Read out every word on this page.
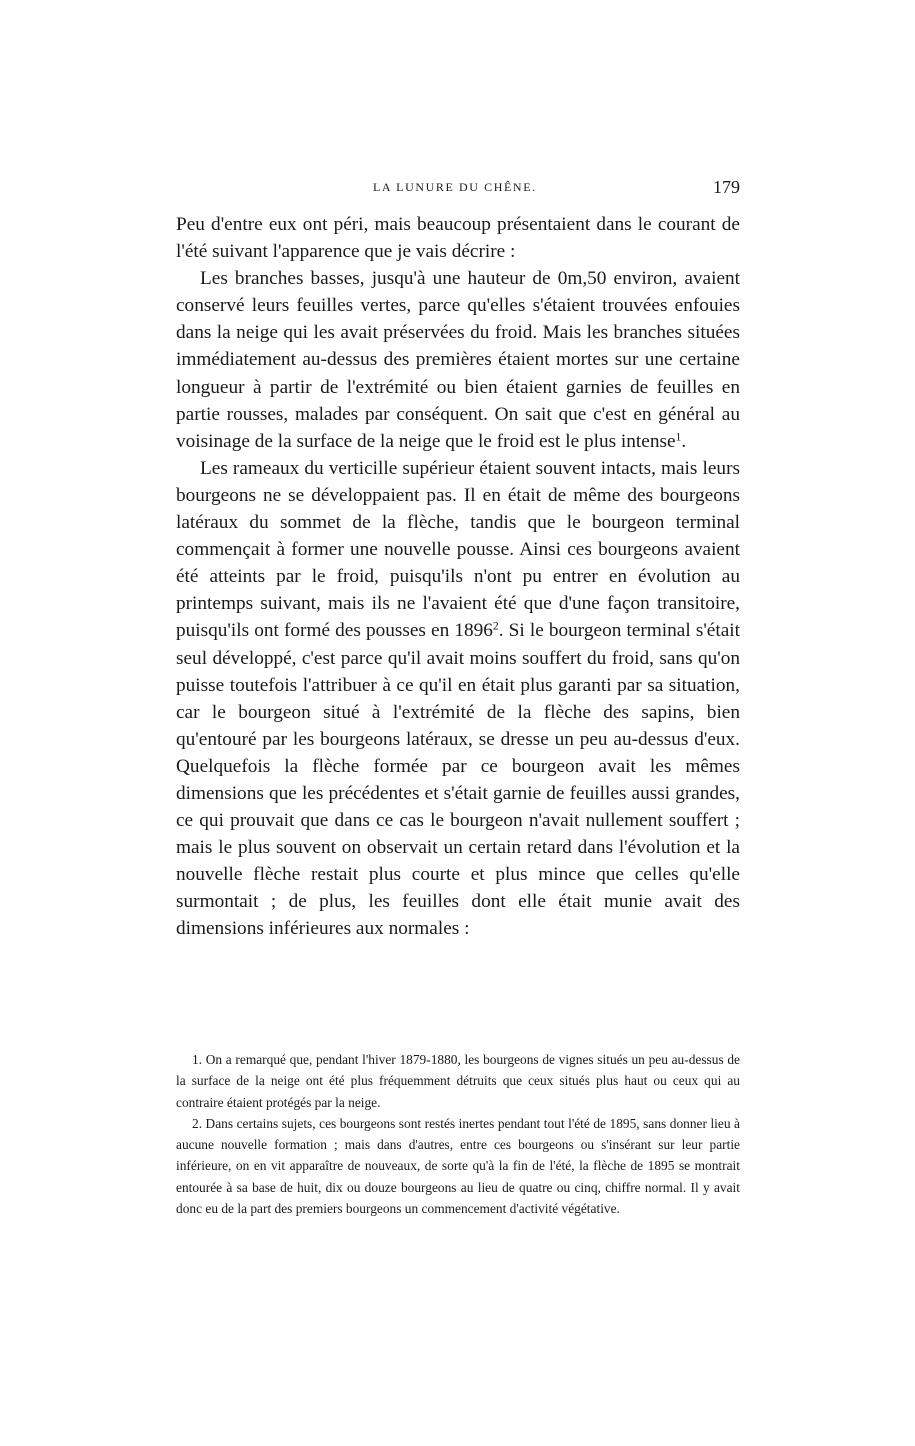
LA LUNURE DU CHÊNE.	179

Peu d'entre eux ont péri, mais beaucoup présentaient dans le courant de l'été suivant l'apparence que je vais décrire :

Les branches basses, jusqu'à une hauteur de 0m,50 environ, avaient conservé leurs feuilles vertes, parce qu'elles s'étaient trouvées enfouies dans la neige qui les avait préservées du froid. Mais les branches situées immédiatement au-dessus des premières étaient mortes sur une certaine longueur à partir de l'extrémité ou bien étaient garnies de feuilles en partie rousses, malades par conséquent. On sait que c'est en général au voisinage de la surface de la neige que le froid est le plus intense$^1$.

Les rameaux du verticille supérieur étaient souvent intacts, mais leurs bourgeons ne se développaient pas. Il en était de même des bourgeons latéraux du sommet de la flèche, tandis que le bourgeon terminal commençait à former une nouvelle pousse. Ainsi ces bourgeons avaient été atteints par le froid, puisqu'ils n'ont pu entrer en évolution au printemps suivant, mais ils ne l'avaient été que d'une façon transitoire, puisqu'ils ont formé des pousses en 1896$^2$. Si le bourgeon terminal s'était seul développé, c'est parce qu'il avait moins souffert du froid, sans qu'on puisse toutefois l'attribuer à ce qu'il en était plus garanti par sa situation, car le bourgeon situé à l'extrémité de la flèche des sapins, bien qu'entouré par les bourgeons latéraux, se dresse un peu au-dessus d'eux. Quelquefois la flèche formée par ce bourgeon avait les mêmes dimensions que les précédentes et s'était garnie de feuilles aussi grandes, ce qui prouvait que dans ce cas le bourgeon n'avait nullement souffert ; mais le plus souvent on observait un certain retard dans l'évolution et la nouvelle flèche restait plus courte et plus mince que celles qu'elle surmontait ; de plus, les feuilles dont elle était munie avait des dimensions inférieures aux normales :

1. On a remarqué que, pendant l'hiver 1879-1880, les bourgeons de vignes situés un peu au-dessus de la surface de la neige ont été plus fréquemment détruits que ceux situés plus haut ou ceux qui au contraire étaient protégés par la neige.

2. Dans certains sujets, ces bourgeons sont restés inertes pendant tout l'été de 1895, sans donner lieu à aucune nouvelle formation ; mais dans d'autres, entre ces bourgeons ou s'insérant sur leur partie inférieure, on en vit apparaître de nouveaux, de sorte qu'à la fin de l'été, la flèche de 1895 se montrait entourée à sa base de huit, dix ou douze bourgeons au lieu de quatre ou cinq, chiffre normal. Il y avait donc eu de la part des premiers bourgeons un commencement d'activité végétative.
